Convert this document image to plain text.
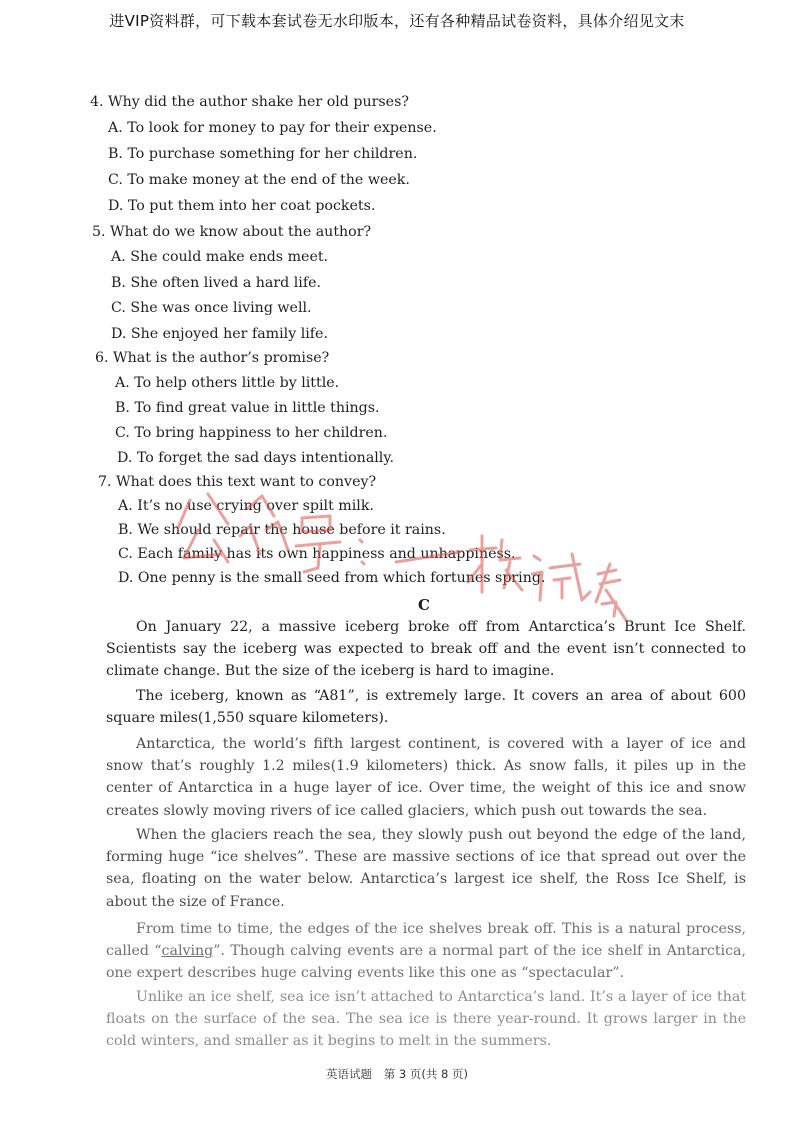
进VIP资料群，可下载本套试卷无水印版本，还有各种精品试卷资料，具体介绍见文末
4. Why did the author shake her old purses?
A. To look for money to pay for their expense.
B. To purchase something for her children.
C. To make money at the end of the week.
D. To put them into her coat pockets.
5. What do we know about the author?
A. She could make ends meet.
B. She often lived a hard life.
C. She was once living well.
D. She enjoyed her family life.
6. What is the author’s promise?
A. To help others little by little.
B. To find great value in little things.
C. To bring happiness to her children.
D. To forget the sad days intentionally.
7. What does this text want to convey?
A. It’s no use crying over spilt milk.
B. We should repair the house before it rains.
C. Each family has its own happiness and unhappiness.
D. One penny is the small seed from which fortunes spring.
C
On January 22, a massive iceberg broke off from Antarctica’s Brunt Ice Shelf. Scientists say the iceberg was expected to break off and the event isn’t connected to climate change. But the size of the iceberg is hard to imagine.
The iceberg, known as “A81”, is extremely large. It covers an area of about 600 square miles(1,550 square kilometers).
Antarctica, the world’s fifth largest continent, is covered with a layer of ice and snow that’s roughly 1.2 miles(1.9 kilometers) thick. As snow falls, it piles up in the center of Antarctica in a huge layer of ice. Over time, the weight of this ice and snow creates slowly moving rivers of ice called glaciers, which push out towards the sea.
When the glaciers reach the sea, they slowly push out beyond the edge of the land, forming huge “ice shelves”. These are massive sections of ice that spread out over the sea, floating on the water below. Antarctica’s largest ice shelf, the Ross Ice Shelf, is about the size of France.
From time to time, the edges of the ice shelves break off. This is a natural process, called “calving”. Though calving events are a normal part of the ice shelf in Antarctica, one expert describes huge calving events like this one as “spectacular”.
Unlike an ice shelf, sea ice isn’t attached to Antarctica’s land. It’s a layer of ice that floats on the surface of the sea. The sea ice is there year-round. It grows larger in the cold winters, and smaller as it begins to melt in the summers.
英语试题 第 3 页(共 8 页)
